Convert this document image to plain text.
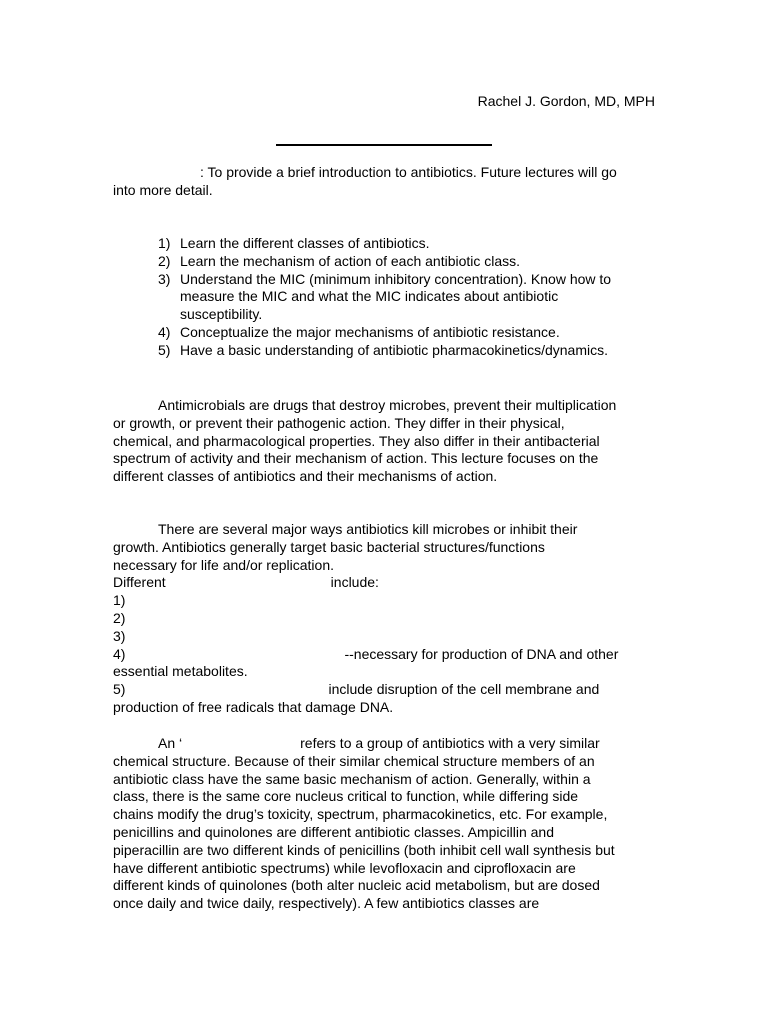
Rachel J. Gordon, MD, MPH
: To provide a brief introduction to antibiotics. Future lectures will go
into more detail.
1) Learn the different classes of antibiotics.
2) Learn the mechanism of action of each antibiotic class.
3) Understand the MIC (minimum inhibitory concentration). Know how to
measure the MIC and what the MIC indicates about antibiotic
susceptibility.
4) Conceptualize the major mechanisms of antibiotic resistance.
5) Have a basic understanding of antibiotic pharmacokinetics/dynamics.
Antimicrobials are drugs that destroy microbes, prevent their multiplication
or growth, or prevent their pathogenic action. They differ in their physical,
chemical, and pharmacological properties. They also differ in their antibacterial
spectrum of activity and their mechanism of action. This lecture focuses on the
different classes of antibiotics and their mechanisms of action.
There are several major ways antibiotics kill microbes or inhibit their
growth. Antibiotics generally target basic bacterial structures/functions
necessary for life and/or replication.
Different	include:
1)
2)
3)
4)	--necessary for production of DNA and other
essential metabolites.
5)	include disruption of the cell membrane and
production of free radicals that damage DNA.
An ‘	refers to a group of antibiotics with a very similar
chemical structure. Because of their similar chemical structure members of an
antibiotic class have the same basic mechanism of action. Generally, within a
class, there is the same core nucleus critical to function, while differing side
chains modify the drug’s toxicity, spectrum, pharmacokinetics, etc. For example,
penicillins and quinolones are different antibiotic classes. Ampicillin and
piperacillin are two different kinds of penicillins (both inhibit cell wall synthesis but
have different antibiotic spectrums) while levofloxacin and ciprofloxacin are
different kinds of quinolones (both alter nucleic acid metabolism, but are dosed
once daily and twice daily, respectively). A few antibiotics classes are
